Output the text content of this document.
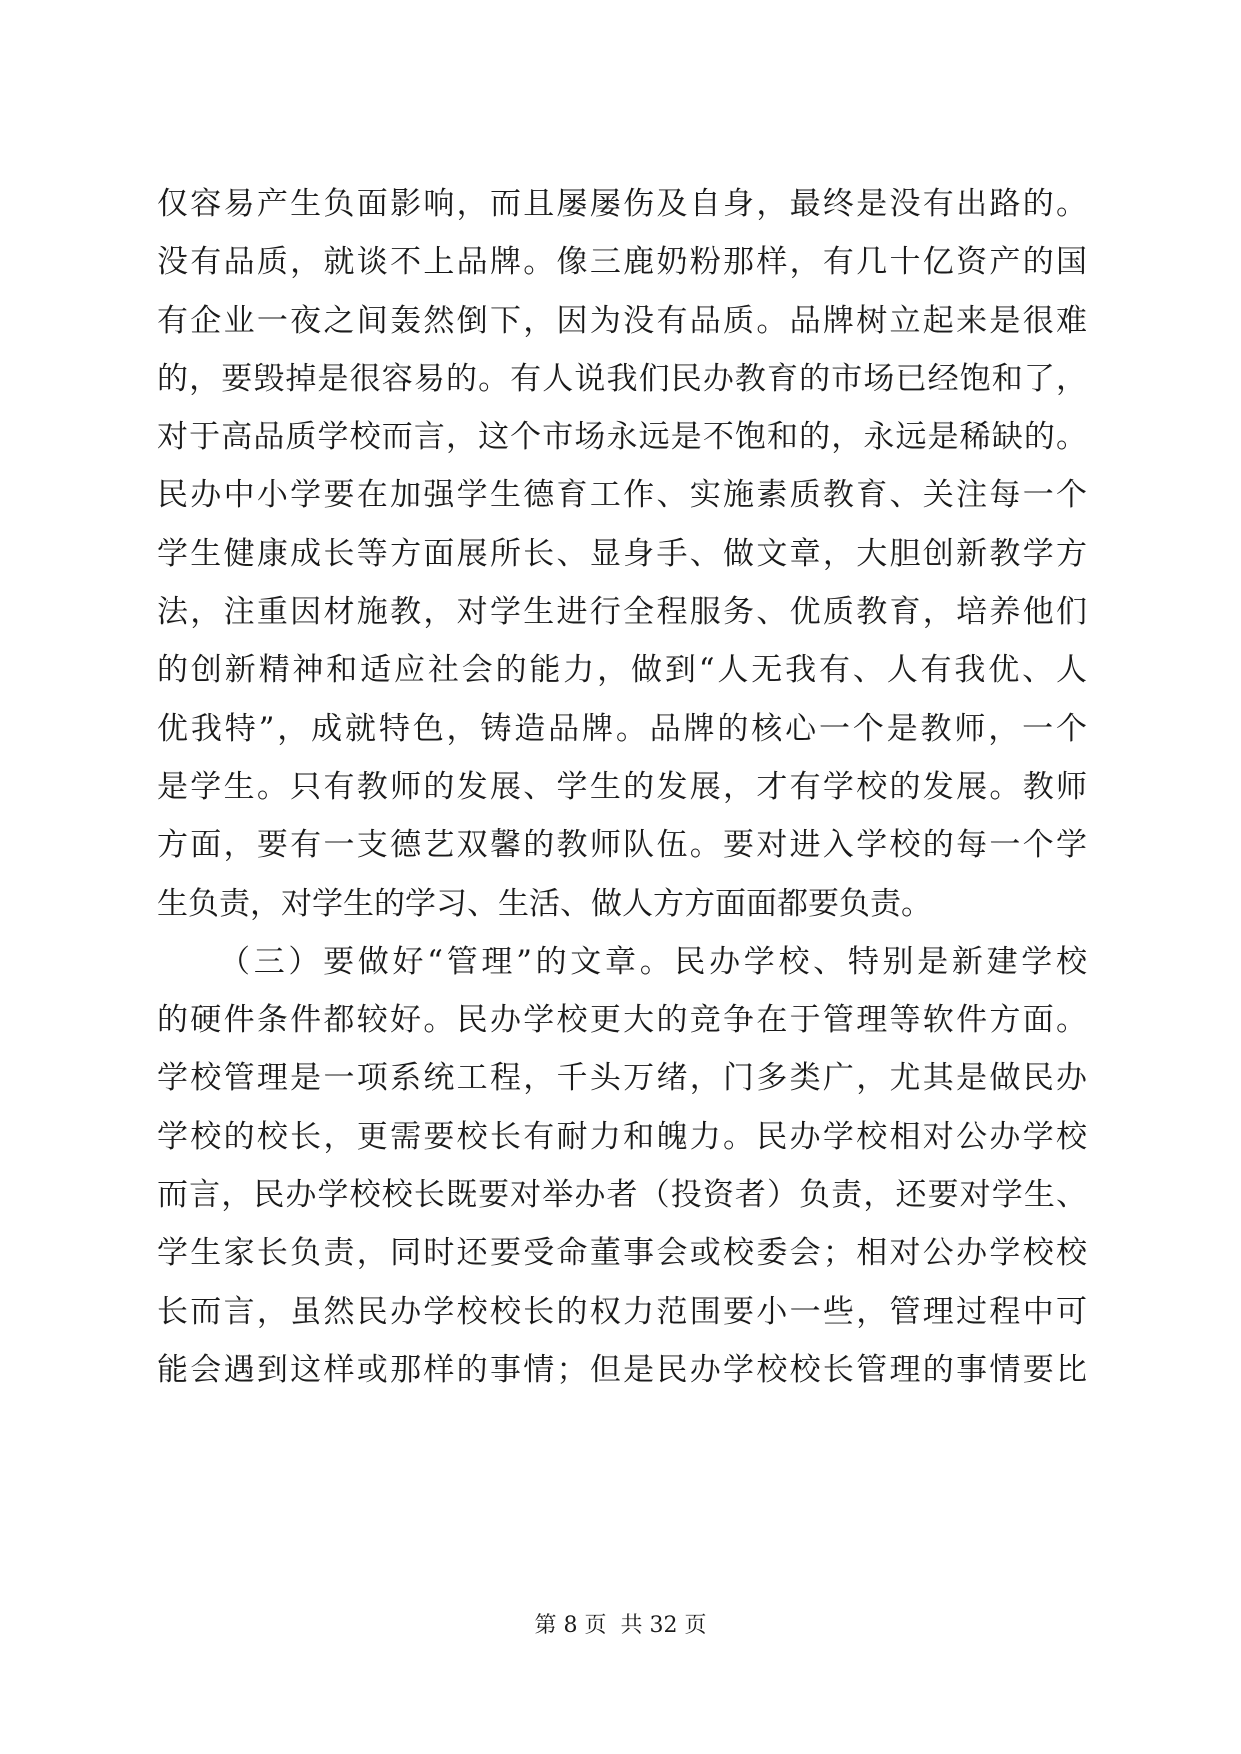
仅容易产生负面影响，而且屡屡伤及自身，最终是没有出路的。
没有品质，就谈不上品牌。像三鹿奶粉那样，有几十亿资产的国
有企业一夜之间轰然倒下，因为没有品质。品牌树立起来是很难
的，要毁掉是很容易的。有人说我们民办教育的市场已经饱和了，
对于高品质学校而言，这个市场永远是不饱和的，永远是稀缺的。
民办中小学要在加强学生德育工作、实施素质教育、关注每一个
学生健康成长等方面展所长、显身手、做文章，大胆创新教学方
法，注重因材施教，对学生进行全程服务、优质教育，培养他们
的创新精神和适应社会的能力，做到“人无我有、人有我优、人
优我特”，成就特色，铸造品牌。品牌的核心一个是教师，一个
是学生。只有教师的发展、学生的发展，才有学校的发展。教师
方面，要有一支德艺双馨的教师队伍。要对进入学校的每一个学
生负责，对学生的学习、生活、做人方方面面都要负责。
（三）要做好“管理”的文章。民办学校、特别是新建学校
的硬件条件都较好。民办学校更大的竞争在于管理等软件方面。
学校管理是一项系统工程，千头万绪，门多类广，尤其是做民办
学校的校长，更需要校长有耐力和魄力。民办学校相对公办学校
而言，民办学校校长既要对举办者（投资者）负责，还要对学生、
学生家长负责，同时还要受命董事会或校委会；相对公办学校校
长而言，虽然民办学校校长的权力范围要小一些，管理过程中可
能会遇到这样或那样的事情；但是民办学校校长管理的事情要比
第 8 页  共 32 页
